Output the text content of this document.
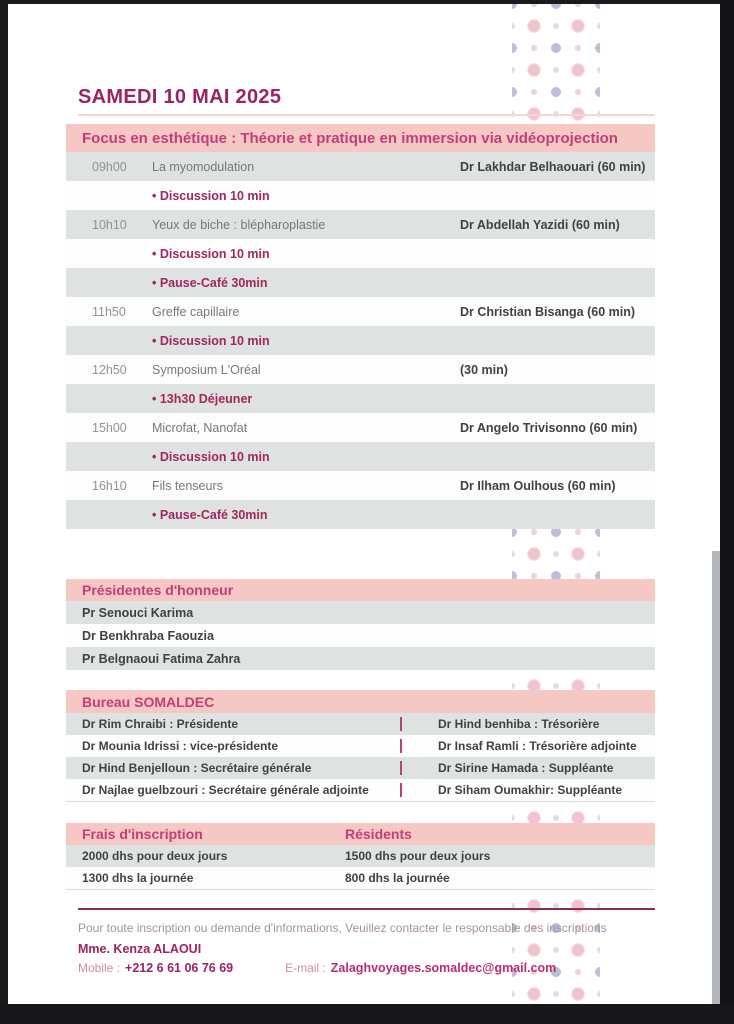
SAMEDI 10 MAI 2025
Focus en esthétique : Théorie et pratique en immersion via vidéoprojection
09h00	La myomodulation	Dr Lakhdar Belhaouari (60 min)
• Discussion 10 min
10h10	Yeux de biche : blépharoplastie	Dr Abdellah Yazidi (60 min)
• Discussion 10 min
• Pause-Café 30min
11h50	Greffe capillaire	Dr Christian Bisanga (60 min)
• Discussion 10 min
12h50	Symposium L'Oréal	(30 min)
• 13h30 Déjeuner
15h00	Microfat, Nanofat	Dr Angelo Trivisonno (60 min)
• Discussion 10 min
16h10	Fils tenseurs	Dr Ilham Oulhous (60 min)
• Pause-Café 30min
Présidentes d'honneur
Pr Senouci Karima
Dr Benkhraba Faouzia
Pr Belgnaoui Fatima Zahra
Bureau SOMALDEC
Dr Rim Chraibi : Présidente	Dr Hind benhiba : Trésorière
Dr Mounia Idrissi : vice-présidente	Dr Insaf Ramli : Trésorière adjointe
Dr Hind Benjelloun : Secrétaire générale	Dr Sirine Hamada : Suppléante
Dr Najlae guelbzouri : Secrétaire générale adjointe	Dr Siham Oumakhir: Suppléante
Frais d'inscription	Résidents
2000 dhs pour deux jours	1500 dhs pour deux jours
1300 dhs la journée	800 dhs la journée
Pour toute inscription ou demande d'informations, Veuillez contacter le responsable des inscriptions
Mme. Kenza ALAOUI
Mobile : +212 6 61 06 76 69	E-mail : Zalaghvoyages.somaldec@gmail.com
